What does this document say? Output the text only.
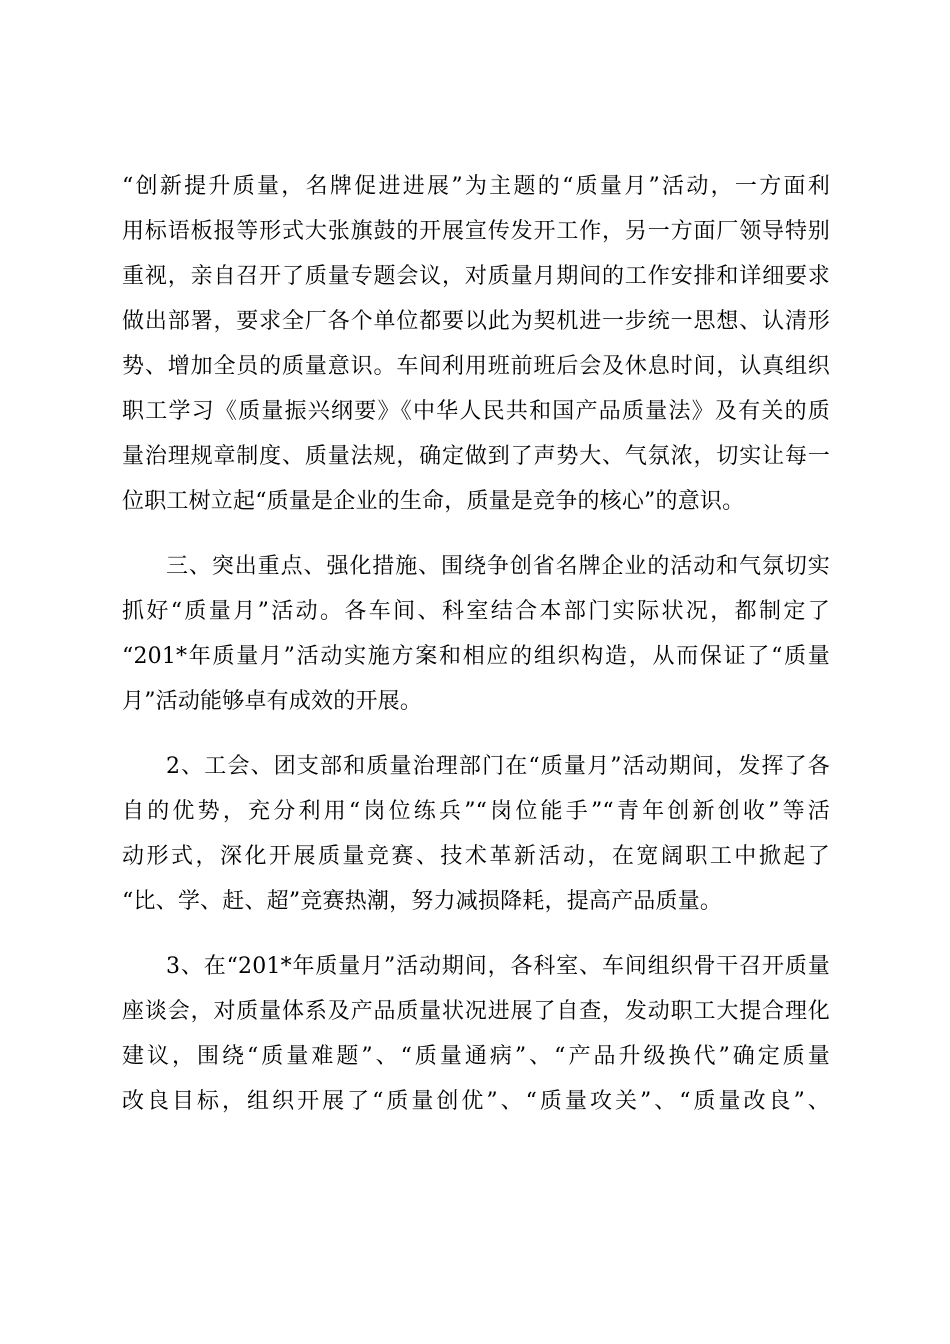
“创新提升质量，名牌促进进展”为主题的“质量月”活动，一方面利
用标语板报等形式大张旗鼓的开展宣传发开工作，另一方面厂领导特别
重视，亲自召开了质量专题会议，对质量月期间的工作安排和详细要求
做出部署，要求全厂各个单位都要以此为契机进一步统一思想、认清形
势、增加全员的质量意识。车间利用班前班后会及休息时间，认真组织
职工学习《质量振兴纲要》《中华人民共和国产品质量法》及有关的质
量治理规章制度、质量法规，确定做到了声势大、气氛浓，切实让每一
位职工树立起“质量是企业的生命，质量是竞争的核心”的意识。
三、突出重点、强化措施、围绕争创省名牌企业的活动和气氛切实
抓好“质量月”活动。各车间、科室结合本部门实际状况，都制定了
“201*年质量月”活动实施方案和相应的组织构造，从而保证了“质量
月”活动能够卓有成效的开展。
2、工会、团支部和质量治理部门在“质量月”活动期间，发挥了各
自的优势，充分利用“岗位练兵”“岗位能手”“青年创新创收”等活
动形式，深化开展质量竞赛、技术革新活动，在宽阔职工中掀起了
“比、学、赶、超”竞赛热潮，努力减损降耗，提高产品质量。
3、在“201*年质量月”活动期间，各科室、车间组织骨干召开质量
座谈会，对质量体系及产品质量状况进展了自查，发动职工大提合理化
建议，围绕“质量难题”、“质量通病”、“产品升级换代”确定质量
改良目标，组织开展了“质量创优”、“质量攻关”、“质量改良”、
